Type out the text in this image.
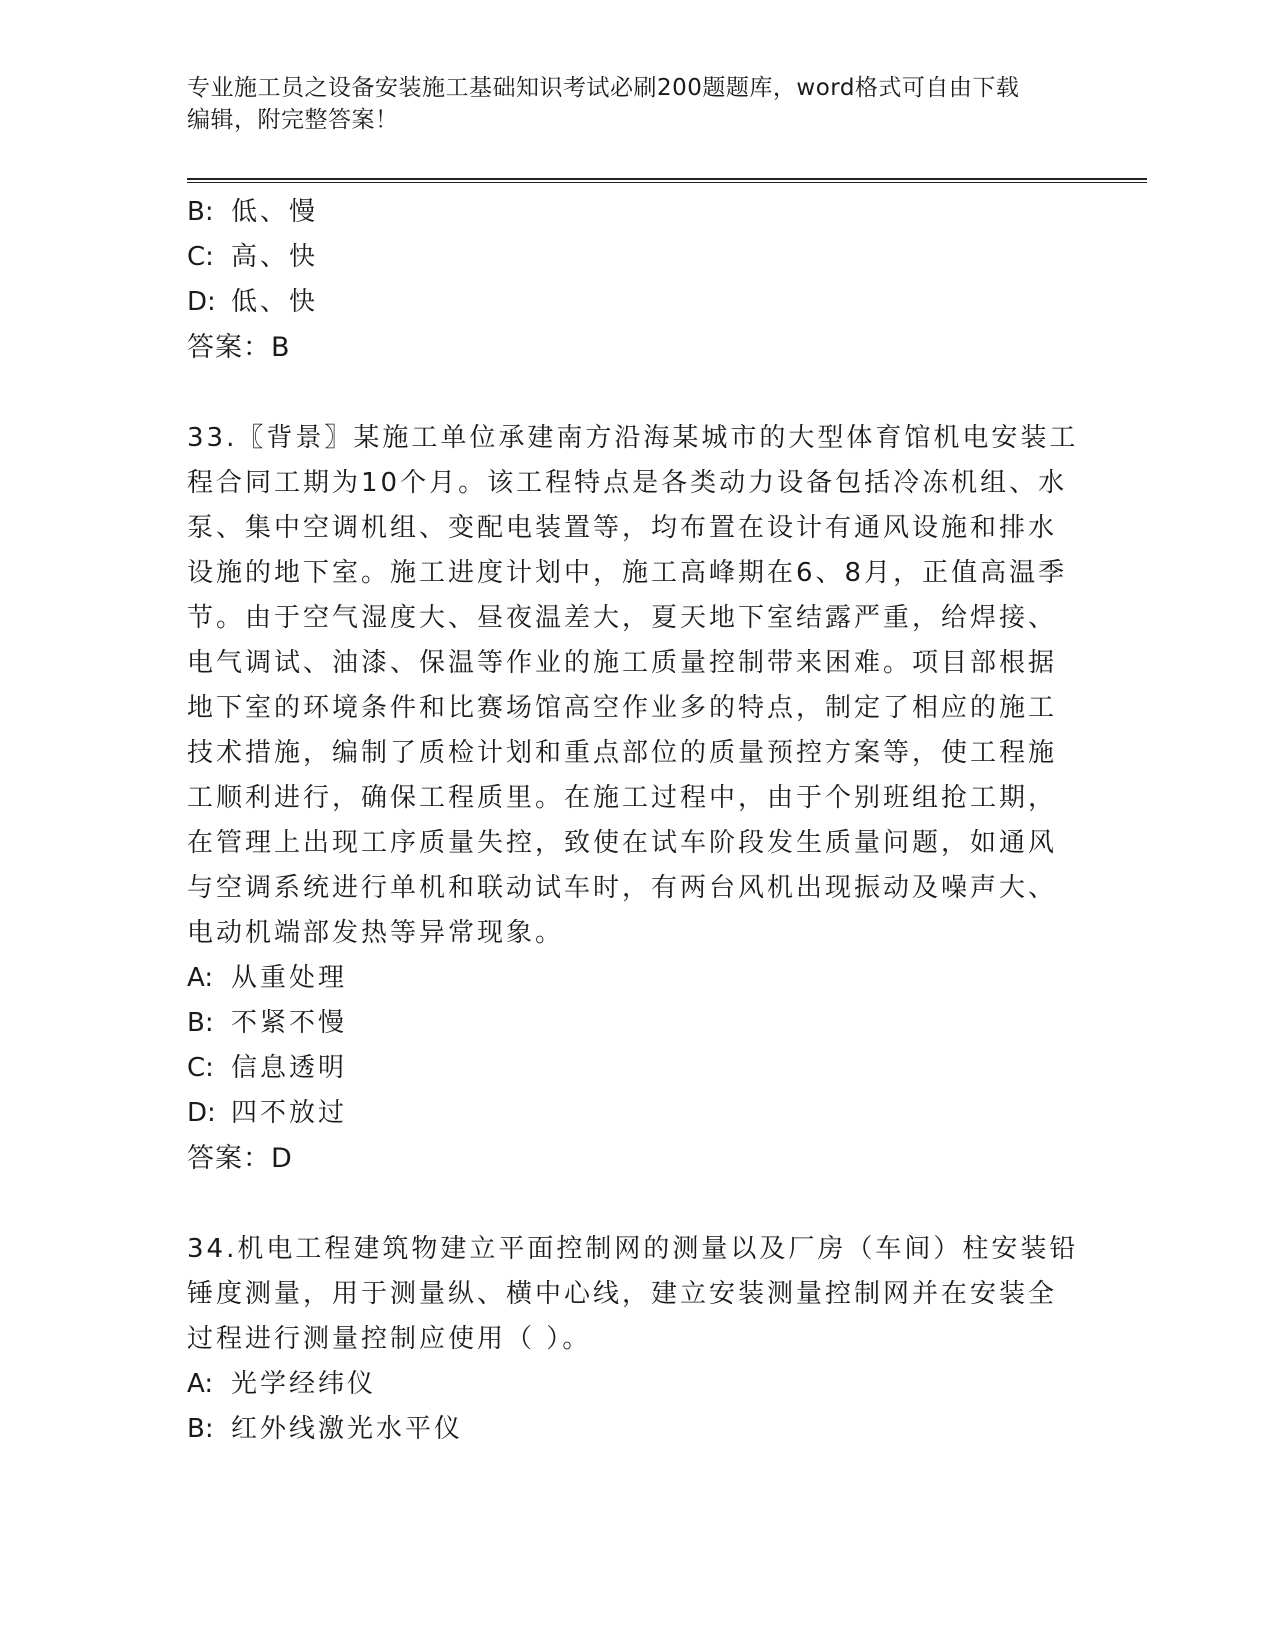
专业施工员之设备安装施工基础知识考试必刷200题题库，word格式可自由下载
编辑，附完整答案！
B: 低、慢
C: 高、快
D: 低、快
答案：B
33.〖背景〗某施工单位承建南方沿海某城市的大型体育馆机电安装工
程合同工期为10个月。该工程特点是各类动力设备包括冷冻机组、水
泵、集中空调机组、变配电装置等，均布置在设计有通风设施和排水
设施的地下室。施工进度计划中，施工高峰期在6、8月，正值高温季
节。由于空气湿度大、昼夜温差大，夏天地下室结露严重，给焊接、
电气调试、油漆、保温等作业的施工质量控制带来困难。项目部根据
地下室的环境条件和比赛场馆高空作业多的特点，制定了相应的施工
技术措施，编制了质检计划和重点部位的质量预控方案等，使工程施
工顺利进行，确保工程质里。在施工过程中，由于个别班组抢工期，
在管理上出现工序质量失控，致使在试车阶段发生质量问题，如通风
与空调系统进行单机和联动试车时，有两台风机出现振动及噪声大、
电动机端部发热等异常现象。
A: 从重处理
B: 不紧不慢
C: 信息透明
D: 四不放过
答案：D
34.机电工程建筑物建立平面控制网的测量以及厂房（车间）柱安装铅
锤度测量，用于测量纵、横中心线，建立安装测量控制网并在安装全
过程进行测量控制应使用（ ）。
A: 光学经纬仪
B: 红外线激光水平仪
